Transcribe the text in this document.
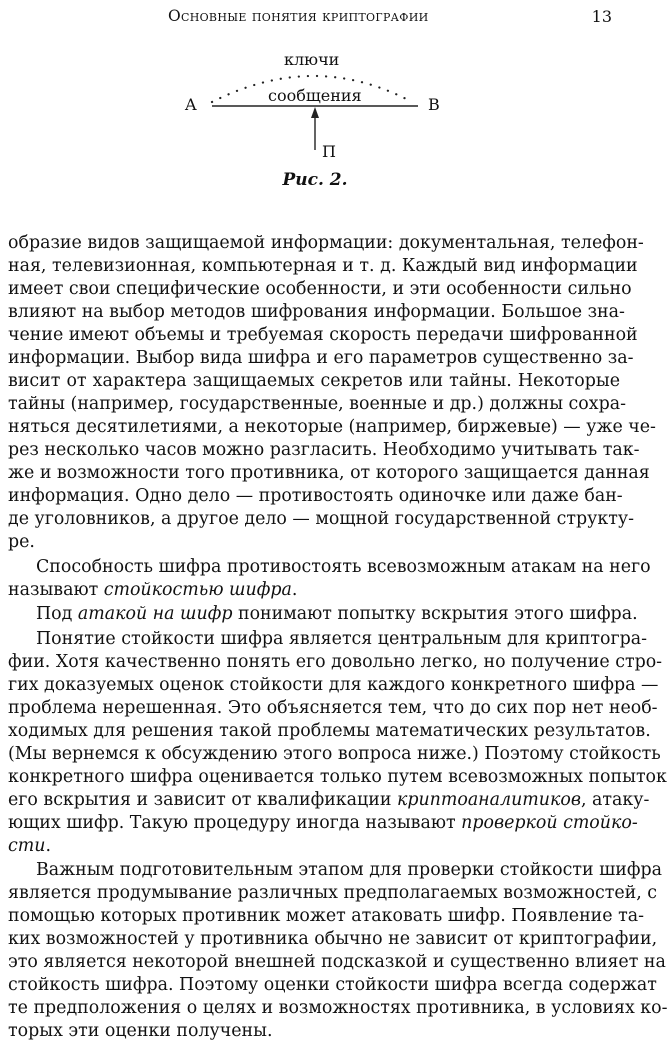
Основные понятия криптографии	13
ключи
сообщения
A	B
П
Рис. 2.
образие видов защищаемой информации: документальная, телефон-
ная, телевизионная, компьютерная и т. д. Каждый вид информации
имеет свои специфические особенности, и эти особенности сильно
влияют на выбор методов шифрования информации. Большое зна-
чение имеют объемы и требуемая скорость передачи шифрованной
информации. Выбор вида шифра и его параметров существенно за-
висит от характера защищаемых секретов или тайны. Некоторые
тайны (например, государственные, военные и др.) должны сохра-
няться десятилетиями, а некоторые (например, биржевые) — уже че-
рез несколько часов можно разгласить. Необходимо учитывать так-
же и возможности того противника, от которого защищается данная
информация. Одно дело — противостоять одиночке или даже бан-
де уголовников, а другое дело — мощной государственной структу-
ре.
Способность шифра противостоять всевозможным атакам на него
называют стойкостью шифра.
Под атакой на шифр понимают попытку вскрытия этого шифра.
Понятие стойкости шифра является центральным для криптогра-
фии. Хотя качественно понять его довольно легко, но получение стро-
гих доказуемых оценок стойкости для каждого конкретного шифра —
проблема нерешенная. Это объясняется тем, что до сих пор нет необ-
ходимых для решения такой проблемы математических результатов.
(Мы вернемся к обсуждению этого вопроса ниже.) Поэтому стойкость
конкретного шифра оценивается только путем всевозможных попыток
его вскрытия и зависит от квалификации криптоаналитиков, атаку-
ющих шифр. Такую процедуру иногда называют проверкой стойко-
сти.
Важным подготовительным этапом для проверки стойкости шифра
является продумывание различных предполагаемых возможностей, с
помощью которых противник может атаковать шифр. Появление та-
ких возможностей у противника обычно не зависит от криптографии,
это является некоторой внешней подсказкой и существенно влияет на
стойкость шифра. Поэтому оценки стойкости шифра всегда содержат
те предположения о целях и возможностях противника, в условиях ко-
торых эти оценки получены.
